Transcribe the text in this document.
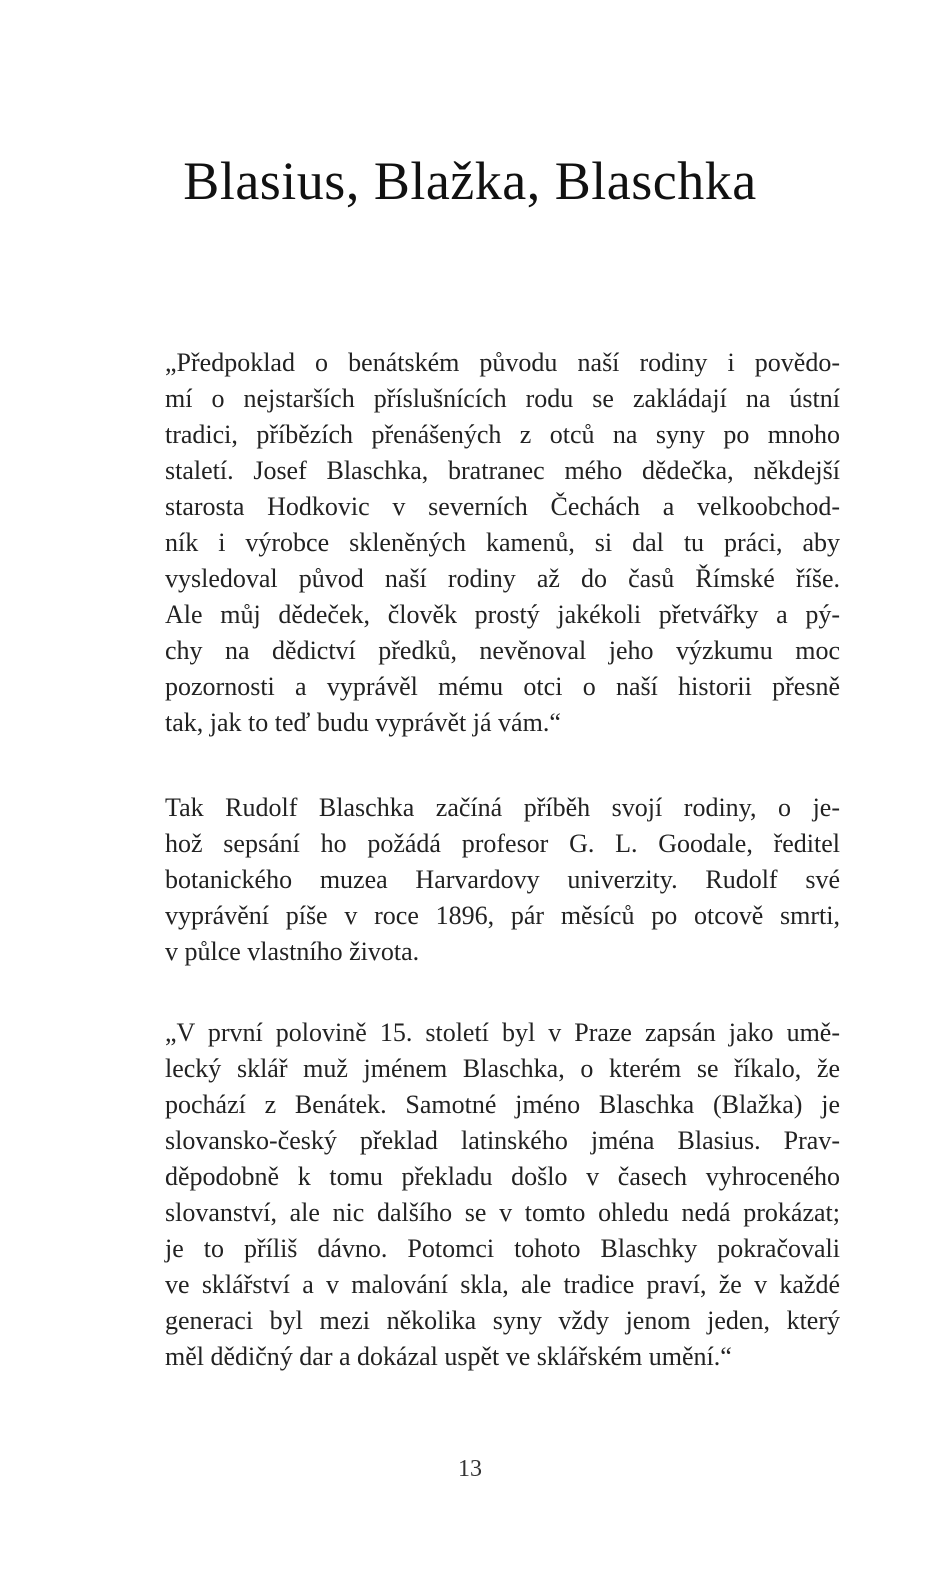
Blasius, Blažka, Blaschka
„Předpoklad o benátském původu naší rodiny i povědo-
mí o nejstarších příslušnících rodu se zakládají na ústní
tradici, příbězích přenášených z otců na syny po mnoho
staletí. Josef Blaschka, bratranec mého dědečka, někdejší
starosta Hodkovic v severních Čechách a velkoobchod-
ník i výrobce skleněných kamenů, si dal tu práci, aby
vysledoval původ naší rodiny až do časů Římské říše.
Ale můj dědeček, člověk prostý jakékoli přetvářky a pý-
chy na dědictví předků, nevěnoval jeho výzkumu moc
pozornosti a vyprávěl mému otci o naší historii přesně
tak, jak to teď budu vyprávět já vám.“
Tak Rudolf Blaschka začíná příběh svojí rodiny, o je-
hož sepsání ho požádá profesor G. L. Goodale, ředitel
botanického muzea Harvardovy univerzity. Rudolf své
vyprávění píše v roce 1896, pár měsíců po otcově smrti,
v půlce vlastního života.
„V první polovině 15. století byl v Praze zapsán jako umě-
lecký sklář muž jménem Blaschka, o kterém se říkalo, že
pochází z Benátek. Samotné jméno Blaschka (Blažka) je
slovansko-český překlad latinského jména Blasius. Prav-
děpodobně k tomu překladu došlo v časech vyhroceného
slovanství, ale nic dalšího se v tomto ohledu nedá prokázat;
je to příliš dávno. Potomci tohoto Blaschky pokračovali
ve sklářství a v malování skla, ale tradice praví, že v každé
generaci byl mezi několika syny vždy jenom jeden, který
měl dědičný dar a dokázal uspět ve sklářském umění.“
13
